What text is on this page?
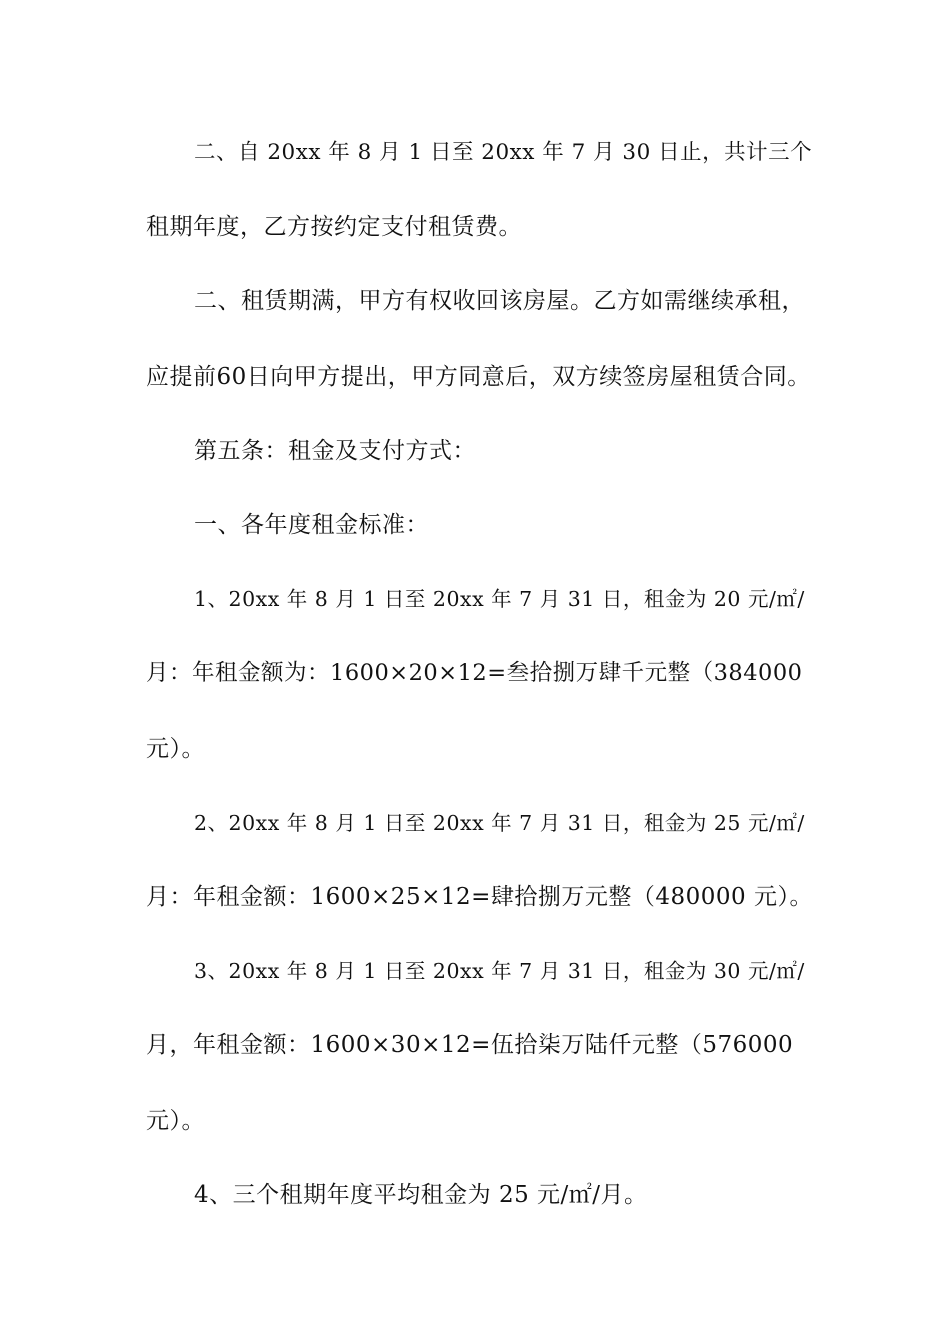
二、自 20xx 年 8 月 1 日至 20xx 年 7 月 30 日止，共计三个
租期年度，乙方按约定支付租赁费。
二、租赁期满，甲方有权收回该房屋。乙方如需继续承租，
应提前60日向甲方提出，甲方同意后，双方续签房屋租赁合同。
第五条：租金及支付方式：
一、各年度租金标准：
1、20xx 年 8 月 1 日至 20xx 年 7 月 31 日，租金为 20 元/㎡/
月：年租金额为：1600×20×12=叁拾捌万肆千元整（384000
元）。
2、20xx 年 8 月 1 日至 20xx 年 7 月 31 日，租金为 25 元/㎡/
月：年租金额：1600×25×12=肆拾捌万元整（480000 元）。
3、20xx 年 8 月 1 日至 20xx 年 7 月 31 日，租金为 30 元/㎡/
月，年租金额：1600×30×12=伍拾柒万陆仟元整（576000
元）。
4、三个租期年度平均租金为 25 元/㎡/月。
